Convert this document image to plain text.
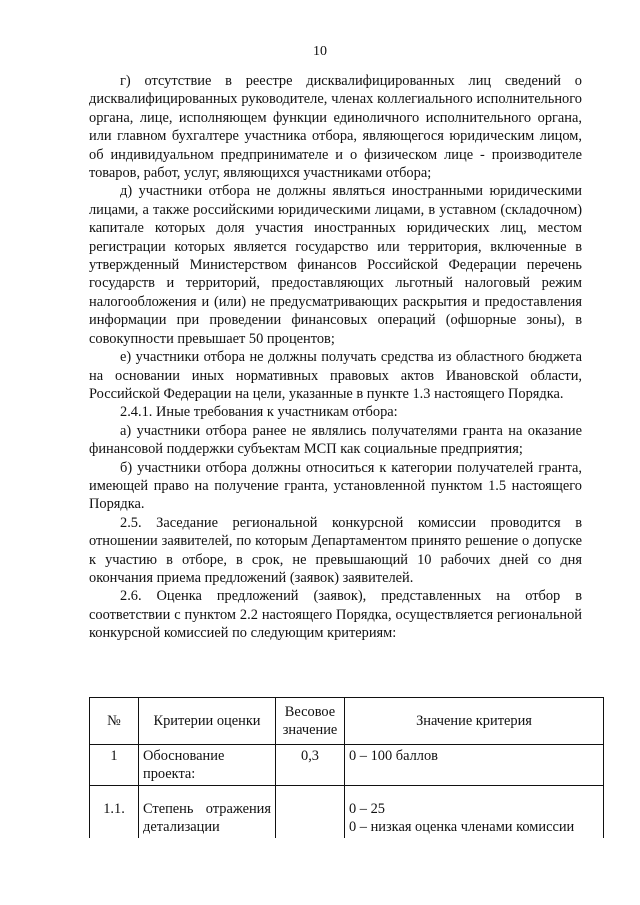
10

г) отсутствие в реестре дисквалифицированных лиц сведений о дисквалифицированных руководителе, членах коллегиального исполнительного органа, лице, исполняющем функции единоличного исполнительного органа, или главном бухгалтере участника отбора, являющегося юридическим лицом, об индивидуальном предпринимателе и о физическом лице - производителе товаров, работ, услуг, являющихся участниками отбора;

д) участники отбора не должны являться иностранными юридическими лицами, а также российскими юридическими лицами, в уставном (складочном) капитале которых доля участия иностранных юридических лиц, местом регистрации которых является государство или территория, включенные в утвержденный Министерством финансов Российской Федерации перечень государств и территорий, предоставляющих льготный налоговый режим налогообложения и (или) не предусматривающих раскрытия и предоставления информации при проведении финансовых операций (офшорные зоны), в совокупности превышает 50 процентов;

е) участники отбора не должны получать средства из областного бюджета на основании иных нормативных правовых актов Ивановской области, Российской Федерации на цели, указанные в пункте 1.3 настоящего Порядка.

2.4.1. Иные требования к участникам отбора:

а) участники отбора ранее не являлись получателями гранта на оказание финансовой поддержки субъектам МСП как социальные предприятия;

б) участники отбора должны относиться к категории получателей гранта, имеющей право на получение гранта, установленной пунктом 1.5 настоящего Порядка.

2.5. Заседание региональной конкурсной комиссии проводится в отношении заявителей, по которым Департаментом принято решение о допуске к участию в отборе, в срок, не превышающий 10 рабочих дней со дня окончания приема предложений (заявок) заявителей.

2.6. Оценка предложений (заявок), представленных на отбор в соответствии с пунктом 2.2 настоящего Порядка, осуществляется региональной конкурсной комиссией по следующим критериям:

№	Критерии оценки	Весовое значение	Значение критерия
1	Обоснование проекта:	0,3	0 – 100 баллов
1.1.	Степень отражения детализации		0 – 25
0 – низкая оценка членами комиссии
